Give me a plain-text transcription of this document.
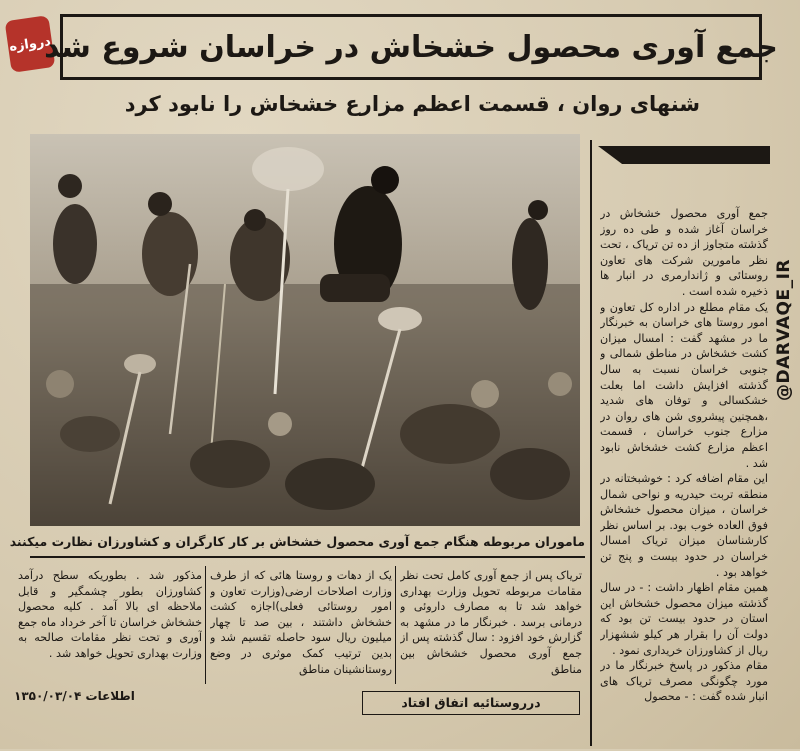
دروازه
جمع آوری محصول خشخاش در خراسان شروع شد
شنهای روان ، قسمت اعظم مزارع خشخاش را نابود کرد
ماموران مربوطه هنگام جمع آوری محصول خشخاش بر کار کارگران و کشاورزان نظارت میکنند

جمع آوری محصول خشخاش در خراسان آغاز شده و طی ده روز گذشته متجاوز از ده تن تریاک ، تحت نظر مامورین شرکت های تعاون روستائی و ژاندارمری در انبار ها ذخیره شده است .

یک مقام مطلع در اداره کل تعاون و امور روستا های خراسان به خبرنگار ما در مشهد گفت : امسال میزان کشت خشخاش در مناطق شمالی و جنوبی خراسان نسبت به سال گذشته افزایش داشت اما بعلت خشکسالی و توفان های شدید ،همچنین پیشروی شن های روان در مزارع جنوب خراسان ، قسمت اعظم مزارع کشت خشخاش نابود شد .

این مقام اضافه کرد : خوشبختانه در منطقه تربت حیدریه و نواحی شمال خراسان ، میزان محصول خشخاش فوق العاده خوب بود. بر اساس نظر کارشناسان میزان تریاک امسال خراسان در حدود بیست و پنج تن خواهد بود .

همین مقام اظهار داشت : - در سال گذشته میزان محصول خشخاش این استان در حدود بیست تن بود که دولت آن را بقرار هر کیلو ششهزار ریال از کشاورزان خریداری نمود .

مقام مذکور در پاسخ خبرنگار ما در مورد چگونگی مصرف تریاک های انبار شده گفت : - محصول

@DARVAQE_IR

تریاک پس از جمع آوری کامل تحت نظر مقامات مربوطه تحویل وزارت بهداری خواهد شد تا به مصارف داروئی و درمانی برسد . خبرنگار ما در مشهد به گزارش خود افزود : سال گذشته پس از جمع آوری محصول خشخاش بین مناطق

یک از دهات و روستا هائی که از طرف وزارت اصلاحات ارضی(وزارت تعاون و امور روستائی فعلی)اجازه کشت خشخاش داشتند ، بین صد تا چهار میلیون ریال سود حاصله تقسیم شد و بدین ترتیب کمک موثری در وضع روستانشینان مناطق

مذکور شد . بطوریکه سطح درآمد کشاورزان بطور چشمگیر و قابل ملاحظه ای بالا آمد . کلیه محصول خشخاش خراسان تا آخر خرداد ماه جمع آوری و تحت نظر مقامات صالحه به وزارت بهداری تحویل خواهد شد .

درروستائیه اتفاق افتاد
اطلاعات ۱۳۵۰/۰۳/۰۴
